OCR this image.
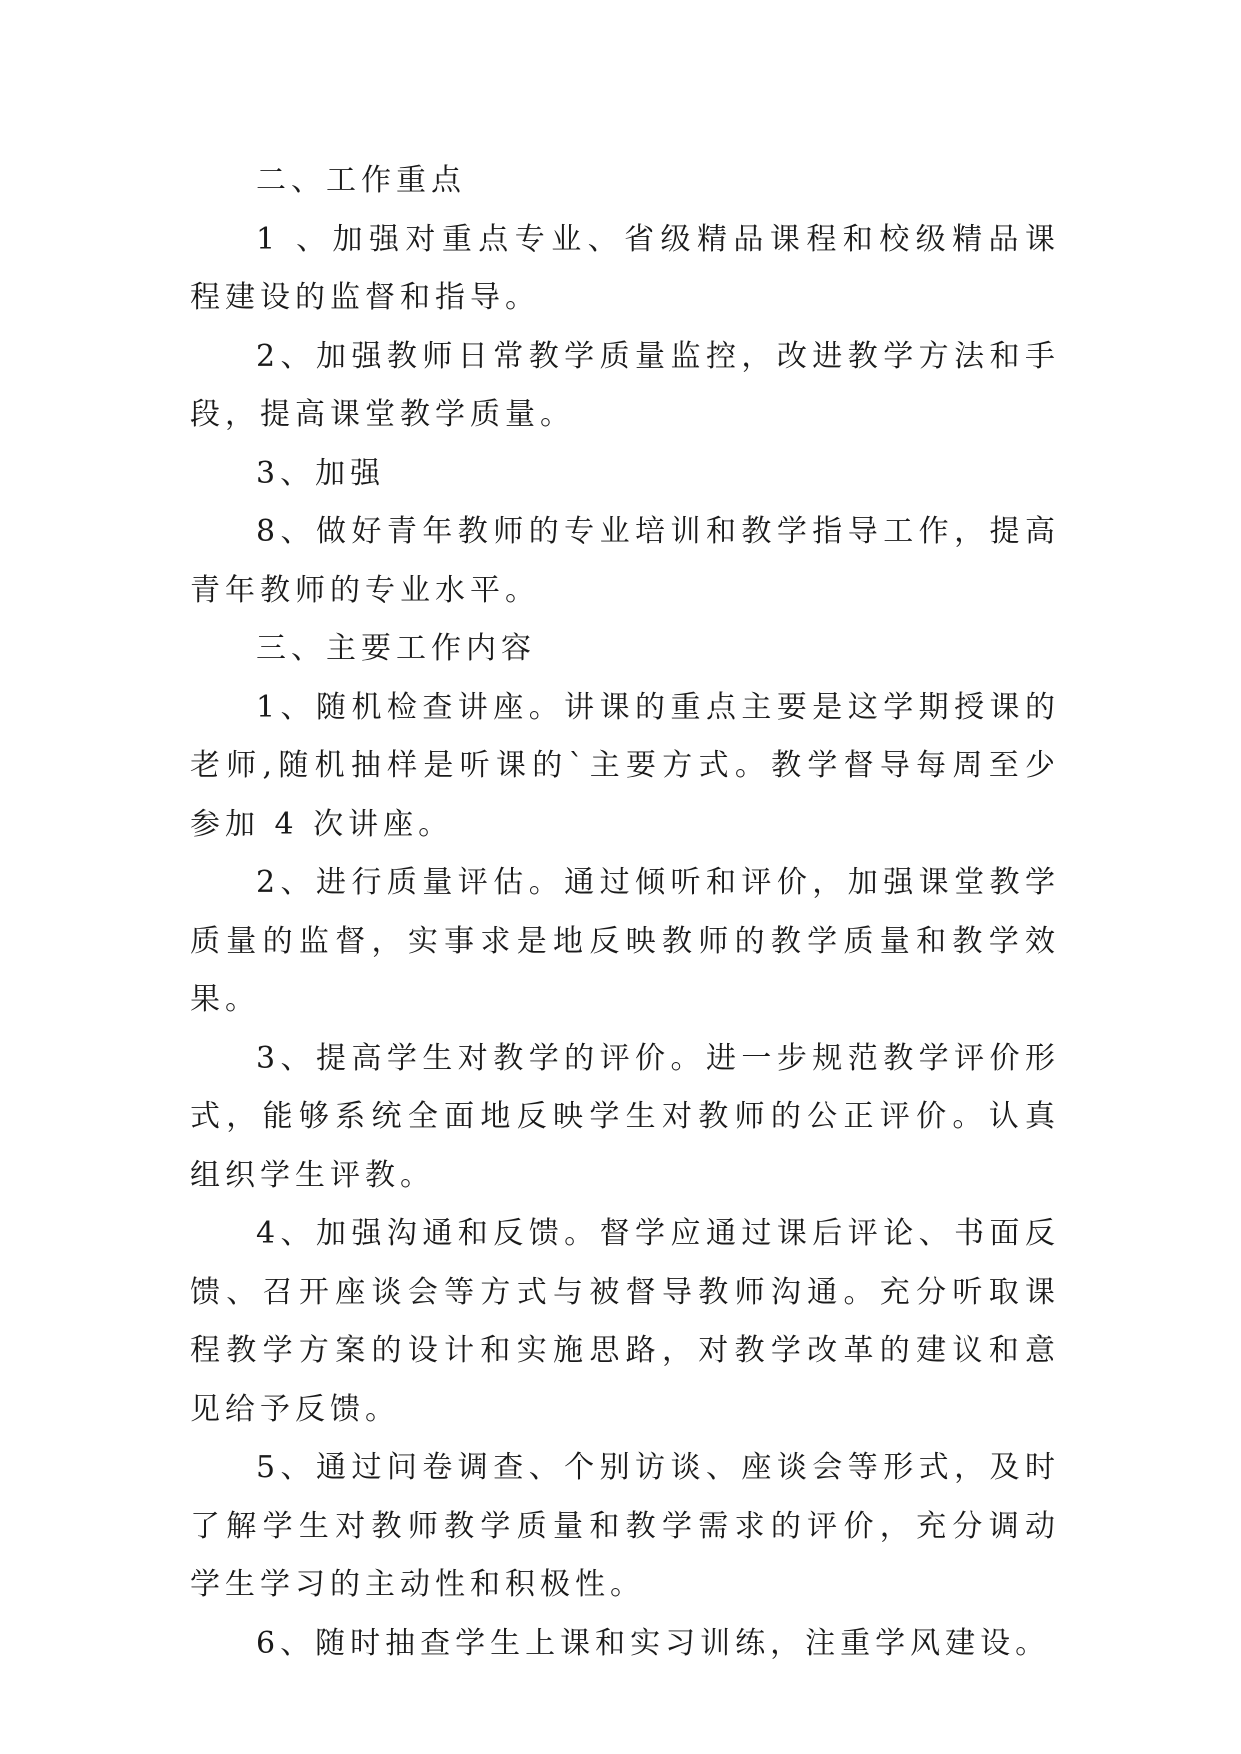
二、工作重点

1 、加强对重点专业、省级精品课程和校级精品课程建设的监督和指导。

2、加强教师日常教学质量监控，改进教学方法和手段，提高课堂教学质量。

3、加强

8、做好青年教师的专业培训和教学指导工作，提高青年教师的专业水平。

三、主要工作内容

1、随机检查讲座。讲课的重点主要是这学期授课的老师,随机抽样是听课的`主要方式。教学督导每周至少参加 4 次讲座。

2、进行质量评估。通过倾听和评价，加强课堂教学质量的监督，实事求是地反映教师的教学质量和教学效果。

3、提高学生对教学的评价。进一步规范教学评价形式，能够系统全面地反映学生对教师的公正评价。认真组织学生评教。

4、加强沟通和反馈。督学应通过课后评论、书面反馈、召开座谈会等方式与被督导教师沟通。充分听取课程教学方案的设计和实施思路，对教学改革的建议和意见给予反馈。

5、通过问卷调查、个别访谈、座谈会等形式，及时了解学生对教师教学质量和教学需求的评价，充分调动学生学习的主动性和积极性。

6、随时抽查学生上课和实习训练，注重学风建设。
